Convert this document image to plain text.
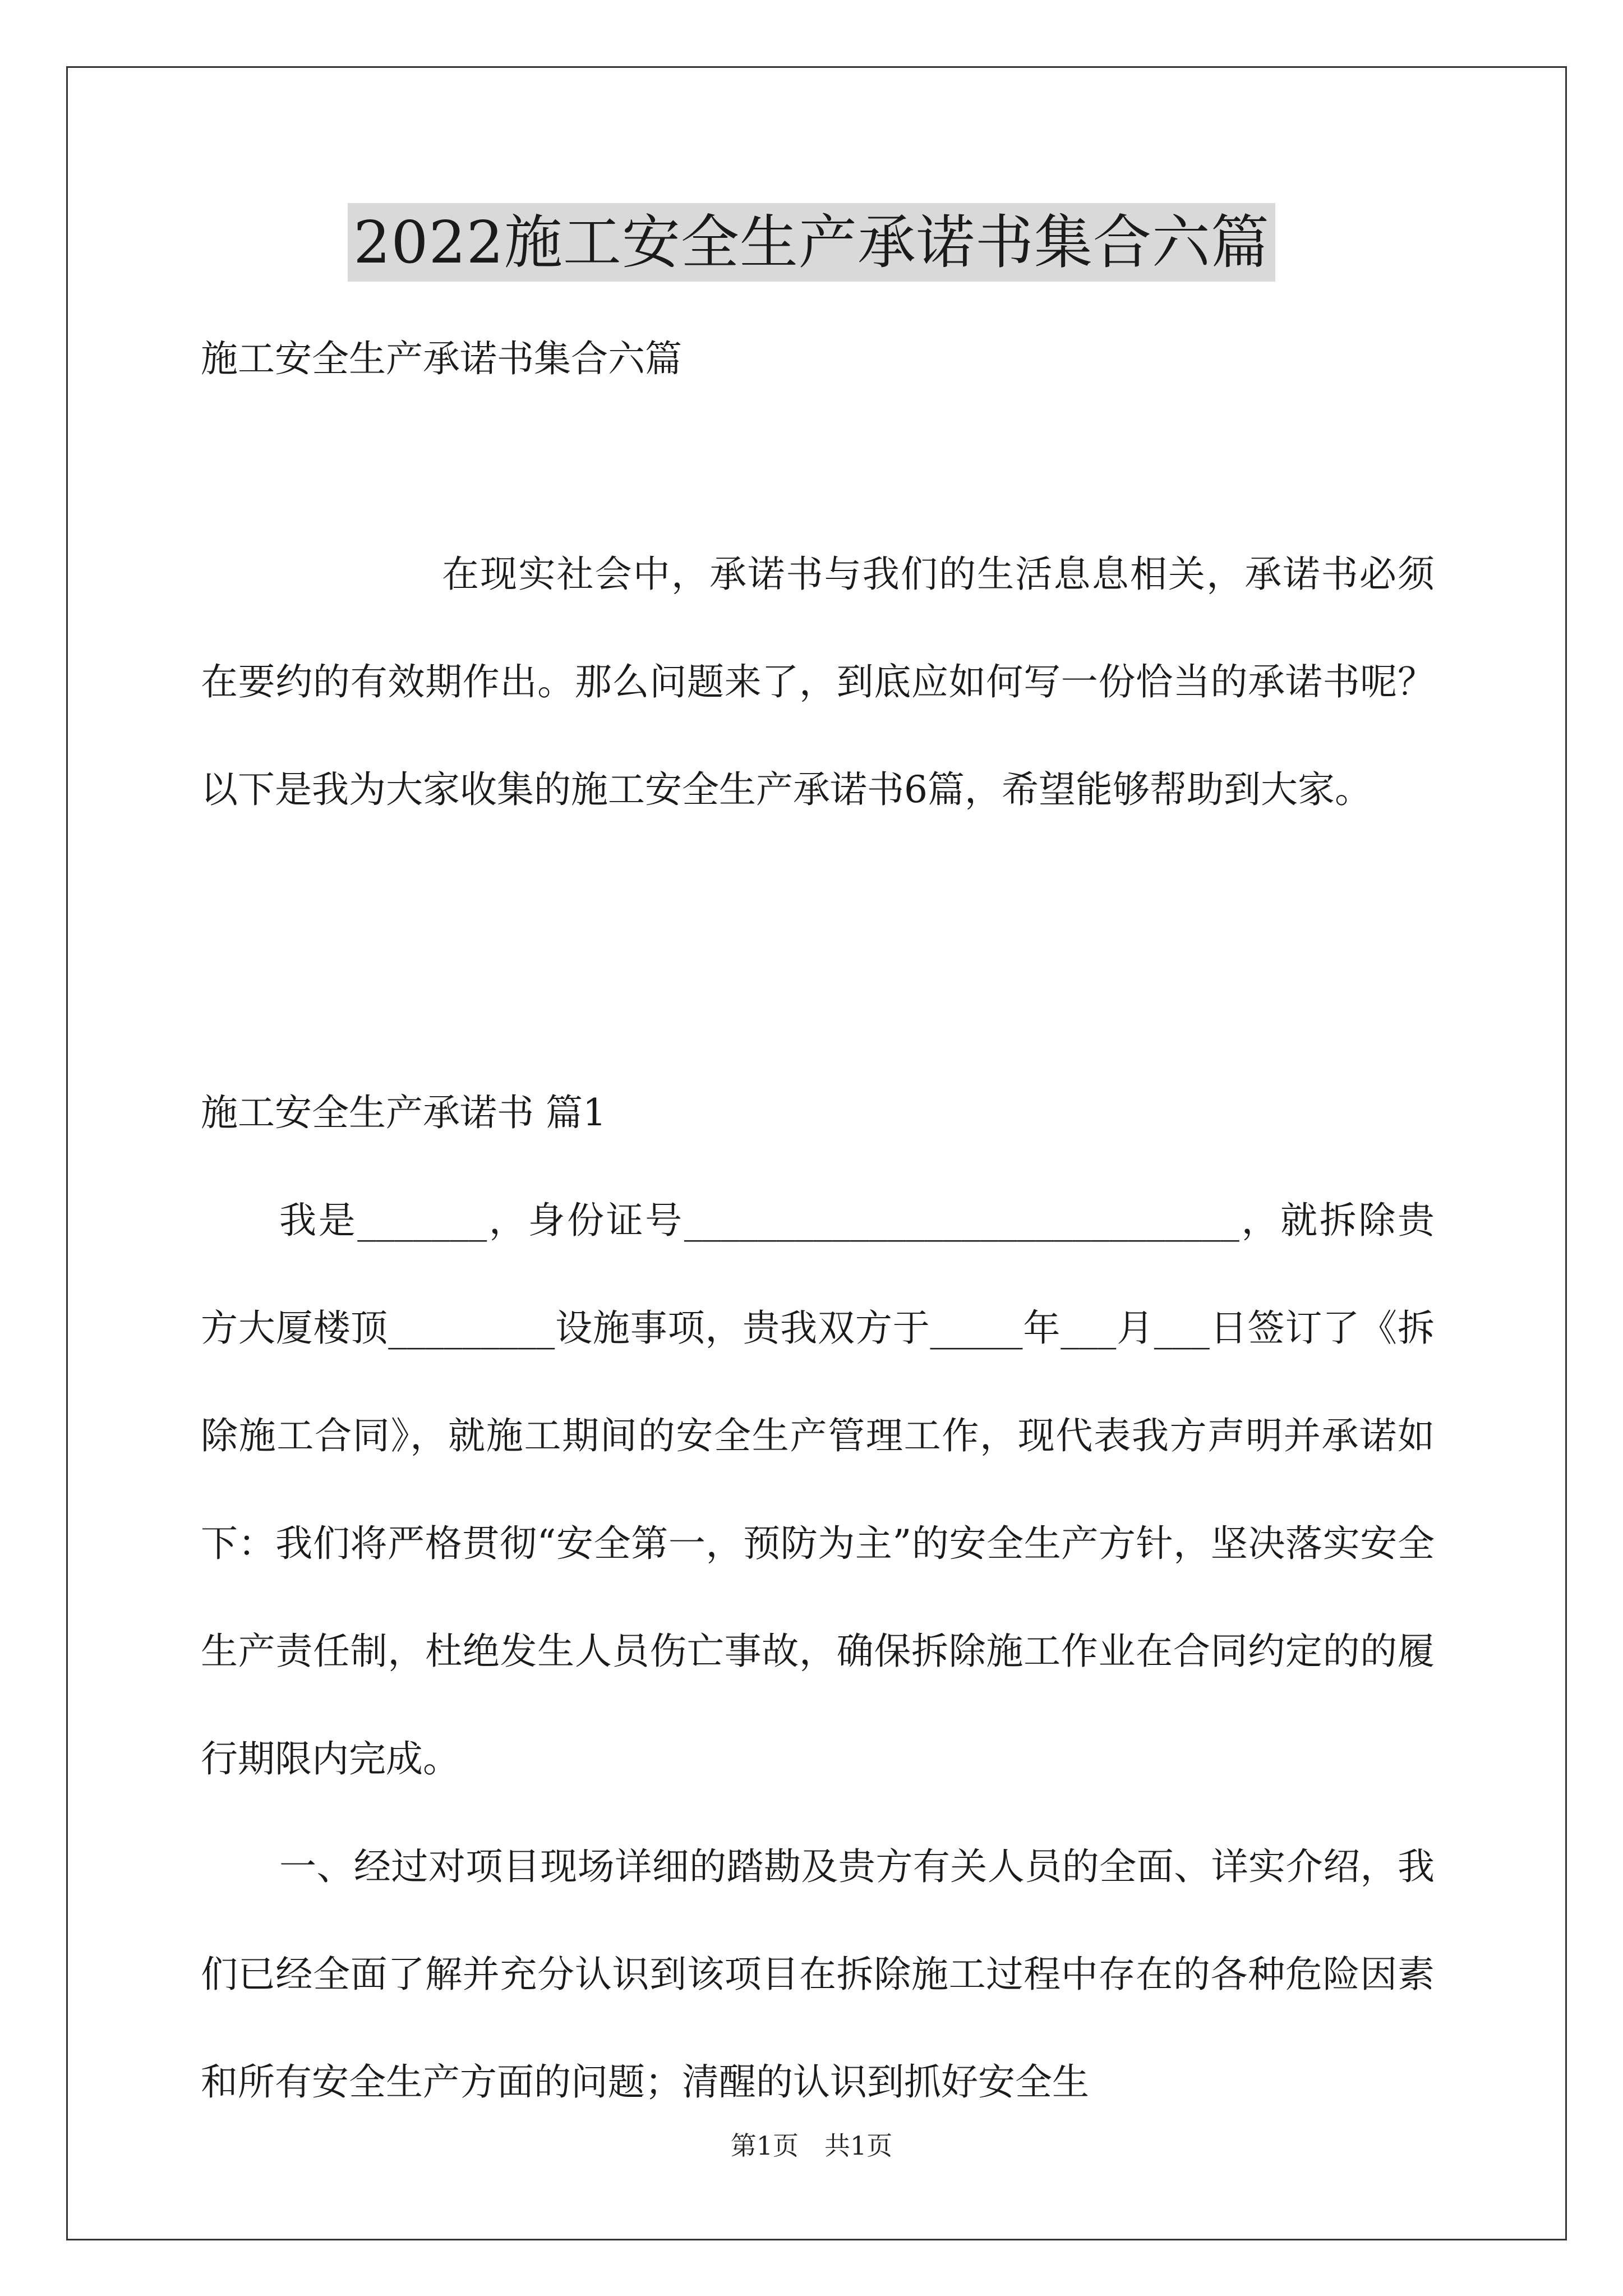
2022施工安全生产承诺书集合六篇

施工安全生产承诺书集合六篇

在现实社会中，承诺书与我们的生活息息相关，承诺书必须在要约的有效期作出。那么问题来了，到底应如何写一份恰当的承诺书呢？以下是我为大家收集的施工安全生产承诺书6篇，希望能够帮助到大家。

施工安全生产承诺书 篇1

我是_______，身份证号______________________________，就拆除贵方大厦楼顶_________设施事项，贵我双方于_____年___月___日签订了《拆除施工合同》，就施工期间的安全生产管理工作，现代表我方声明并承诺如下：我们将严格贯彻“安全第一，预防为主”的安全生产方针，坚决落实安全生产责任制，杜绝发生人员伤亡事故，确保拆除施工作业在合同约定的的履行期限内完成。

一、经过对项目现场详细的踏勘及贵方有关人员的全面、详实介绍，我们已经全面了解并充分认识到该项目在拆除施工过程中存在的各种危险因素和所有安全生产方面的问题；清醒的认识到抓好安全生

第1页　共1页
